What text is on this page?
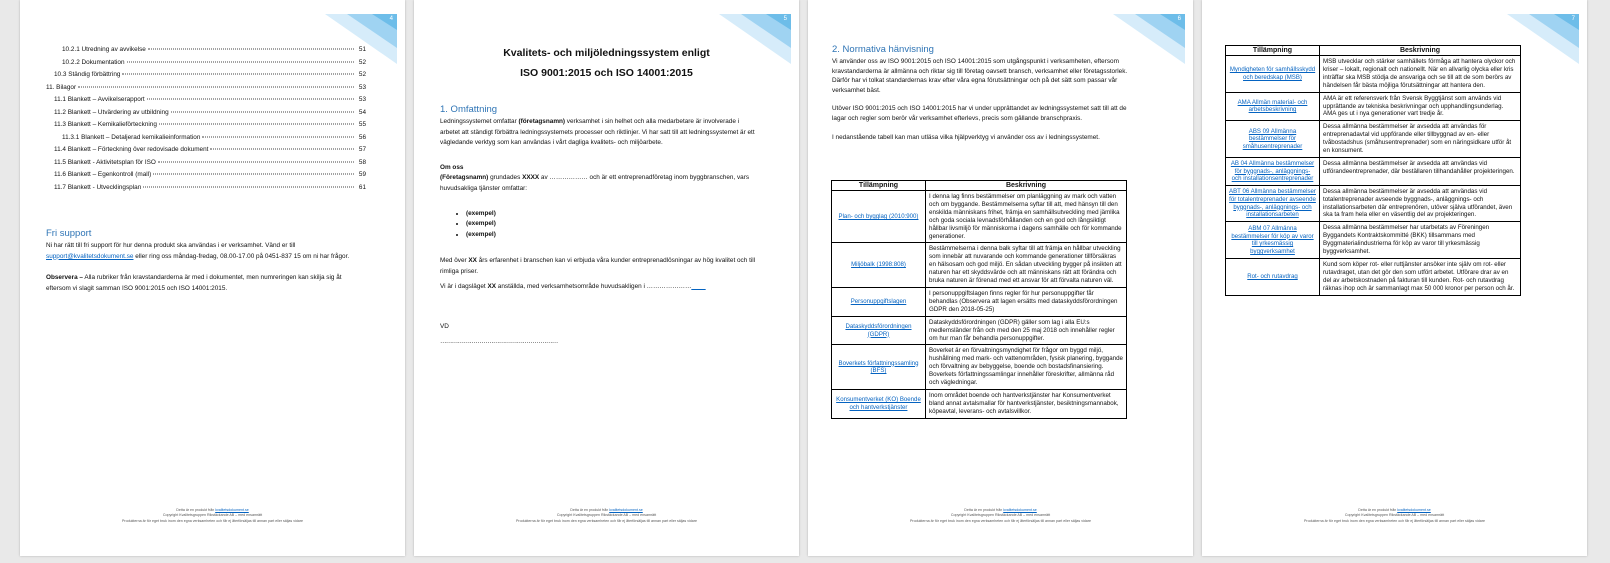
4
10.2.1 Utredning av avvikelse	51
10.2.2 Dokumentation	52
10.3 Ständig förbättring	52
11. Bilagor	53
11.1 Blankett – Avvikelserapport	53
11.2 Blankett – Utvärdering av utbildning	54
11.3 Blankett – Kemikalieförteckning	55
11.3.1 Blankett – Detaljerad kemikalieinformation	56
11.4 Blankett – Förteckning över redovisade dokument	57
11.5 Blankett - Aktivitetsplan för ISO	58
11.6 Blankett – Egenkontroll (mall)	59
11.7 Blankett - Utvecklingsplan	61
Fri support

Ni har rätt till fri support för hur denna produkt ska användas i er verksamhet. Vänd er till support@kvalitetsdokument.se eller ring oss måndag-fredag, 08.00-17.00 på 0451-837 15 om ni har frågor.

Observera – Alla rubriker från kravstandarderna är med i dokumentet, men numreringen kan skilja sig åt eftersom vi slagit samman ISO 9001:2015 och ISO 14001:2015.

Detta är en produkt från kvalitetsdokument.se
Copyright Kvalitetsgruppen Rikstäckande AB – med ensamrätt
Produkterna är för eget bruk inom den egna verksamheten och får ej återförsäljas till annan part eller säljas vidare
5
Kvalitets- och miljöledningssystem enligt
ISO 9001:2015 och ISO 14001:2015
1. Omfattning

Ledningssystemet omfattar (företagsnamn) verksamhet i sin helhet och alla medarbetare är involverade i arbetet att ständigt förbättra ledningssystemets processer och riktlinjer. Vi har satt till att ledningssystemet är ett vägledande verktyg som kan användas i vårt dagliga kvalitets- och miljöarbete.

Om oss

(Företagsnamn) grundades XXXX av ……………… och är ett entreprenadföretag inom byggbranschen, vars huvudsakliga tjänster omfattar:

• (exempel)
• (exempel)
• (exempel)

Med över XX års erfarenhet i branschen kan vi erbjuda våra kunder entreprenadlösningar av hög kvalitet och till rimliga priser.

Vi är i dagsläget XX anställda, med verksamhetsområde huvudsakligen i …………………____

VD

……………………………………………………

Detta är en produkt från kvalitetsdokument.se
Copyright Kvalitetsgruppen Rikstäckande AB – med ensamrätt
Produkterna är för eget bruk inom den egna verksamheten och får ej återförsäljas till annan part eller säljas vidare
6
2. Normativa hänvisning

Vi använder oss av ISO 9001:2015 och ISO 14001:2015 som utgångspunkt i verksamheten, eftersom kravstandarderna är allmänna och riktar sig till företag oavsett bransch, verksamhet eller företagsstorlek. Därför har vi tolkat standardernas krav efter våra egna förutsättningar och på det sätt som passar vår verksamhet bäst.

Utöver ISO 9001:2015 och ISO 14001:2015 har vi under upprättandet av ledningssystemet satt till att de lagar och regler som berör vår verksamhet efterlevs, precis som gällande branschpraxis.

I nedanstående tabell kan man utläsa vilka hjälpverktyg vi använder oss av i ledningssystemet.

Tillämpning	Beskrivning
Plan- och bygglag (2010:900)	I denna lag finns bestämmelser om planläggning av mark och vatten och om byggande. Bestämmelserna syftar till att, med hänsyn till den enskilda människans frihet, främja en samhällsutveckling med jämlika och goda sociala levnadsförhållanden och en god och långsiktigt hållbar livsmiljö för människorna i dagens samhälle och för kommande generationer.
Miljöbalk (1998:808)	Bestämmelserna i denna balk syftar till att främja en hållbar utveckling som innebär att nuvarande och kommande generationer tillförsäkras en hälsosam och god miljö. En sådan utveckling bygger på insikten att naturen har ett skyddsvärde och att människans rätt att förändra och bruka naturen är förenad med ett ansvar för att förvalta naturen väl.
Personuppgiftslagen	I personuppgiftslagen finns regler för hur personuppgifter får behandlas (Observera att lagen ersätts med dataskyddsförordningen GDPR den 2018-05-25)
Dataskyddsförordningen (GDPR)	Dataskyddsförordningen (GDPR) gäller som lag i alla EU:s medlemsländer från och med den 25 maj 2018 och innehåller regler om hur man får behandla personuppgifter.
Boverkets författningssamling (BFS)	Boverket är en förvaltningsmyndighet för frågor om byggd miljö, hushållning med mark- och vattenområden, fysisk planering, byggande och förvaltning av bebyggelse, boende och bostadsfinansiering. Boverkets författningssamlingar innehåller föreskrifter, allmänna råd och vägledningar.
Konsumentverket (KO) Boende och hantverkstjänster	Inom området boende och hantverkstjänster har Konsumentverket bland annat avtalsmallar för hantverkstjänster, besiktningsmannabok, köpeavtal, leverans- och avtalsvillkor.
Detta är en produkt från kvalitetsdokument.se
Copyright Kvalitetsgruppen Rikstäckande AB – med ensamrätt
Produkterna är för eget bruk inom den egna verksamheten och får ej återförsäljas till annan part eller säljas vidare
7
Tillämpning	Beskrivning
Myndigheten för samhällsskydd och beredskap (MSB)	MSB utvecklar och stärker samhällets förmåga att hantera olyckor och kriser – lokalt, regionalt och nationellt. När en allvarlig olycka eller kris inträffar ska MSB stödja de ansvariga och se till att de som berörs av händelsen får bästa möjliga förutsättningar att hantera den.
AMA Allmän material- och arbetsbeskrivning	AMA är ett referensverk från Svensk Byggtjänst som används vid upprättande av tekniska beskrivningar och upphandlingsunderlag. AMA ges ut i nya generationer vart tredje år.
ABS 09 Allmänna bestämmelser för småhusentreprenader	Dessa allmänna bestämmelser är avsedda att användas för entreprenadavtal vid uppförande eller tillbyggnad av en- eller tvåbostadshus (småhusentreprenader) som en näringsidkare utför åt en konsument.
AB 04 Allmänna bestämmelser för byggnads-, anläggnings- och installationsentreprenader	Dessa allmänna bestämmelser är avsedda att användas vid utförandeentreprenader, där beställaren tillhandahåller projekteringen.
ABT 06 Allmänna bestämmelser för totalentreprenader avseende byggnads-, anläggnings- och installationsarbeten	Dessa allmänna bestämmelser är avsedda att användas vid totalentreprenader avseende byggnads-, anläggnings- och installationsarbeten där entreprenören, utöver själva utförandet, även ska ta fram hela eller en väsentlig del av projekteringen.
ABM 07 Allmänna bestämmelser för köp av varor till yrkesmässig byggverksamhet	Dessa allmänna bestämmelser har utarbetats av Föreningen Byggandets Kontraktskommitté (BKK) tillsammans med Byggmaterialindustrierna för köp av varor till yrkesmässig byggverksamhet.
Rot- och rutavdrag	Kund som köper rot- eller ruttjänster ansöker inte själv om rot- eller rutavdraget, utan det gör den som utfört arbetet. Utförare drar av en del av arbetskostnaden på fakturan till kunden. Rot- och rutavdrag räknas ihop och är sammanlagt max 50 000 kronor per person och år.
Detta är en produkt från kvalitetsdokument.se
Copyright Kvalitetsgruppen Rikstäckande AB – med ensamrätt
Produkterna är för eget bruk inom den egna verksamheten och får ej återförsäljas till annan part eller säljas vidare
